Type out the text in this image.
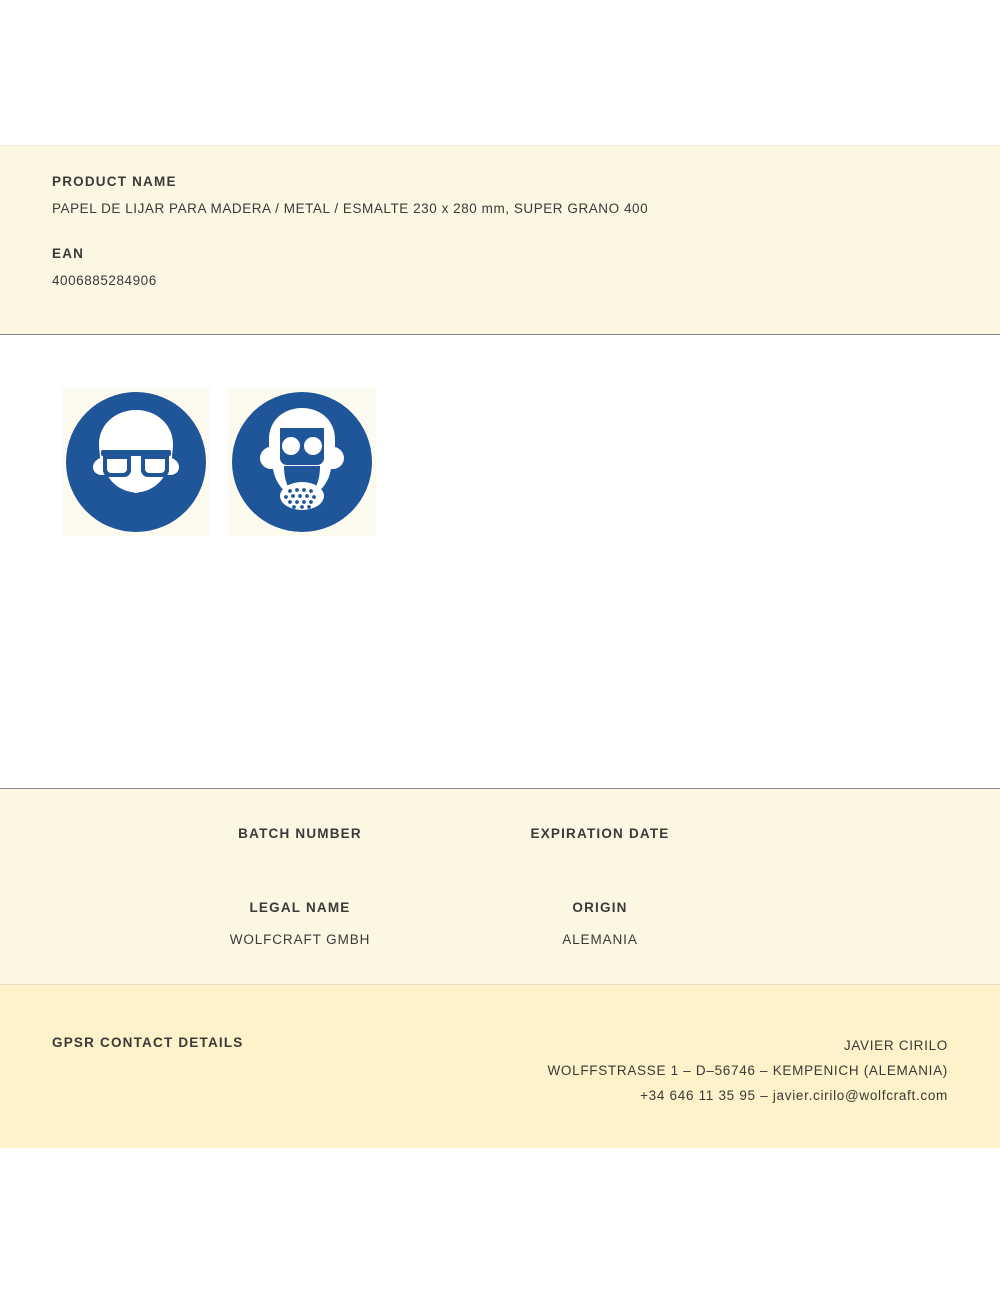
PRODUCT NAME

PAPEL DE LIJAR PARA MADERA / METAL / ESMALTE 230 x 280 mm, SUPER GRANO 400

EAN

4006885284906

BATCH NUMBER	EXPIRATION DATE
LEGAL NAME	ORIGIN
WOLFCRAFT GMBH	ALEMANIA
GPSR CONTACT DETAILS	JAVIER CIRILO
WOLFFSTRASSE 1 – D–56746 – KEMPENICH (ALEMANIA)
+34 646 11 35 95 – javier.cirilo@wolfcraft.com
